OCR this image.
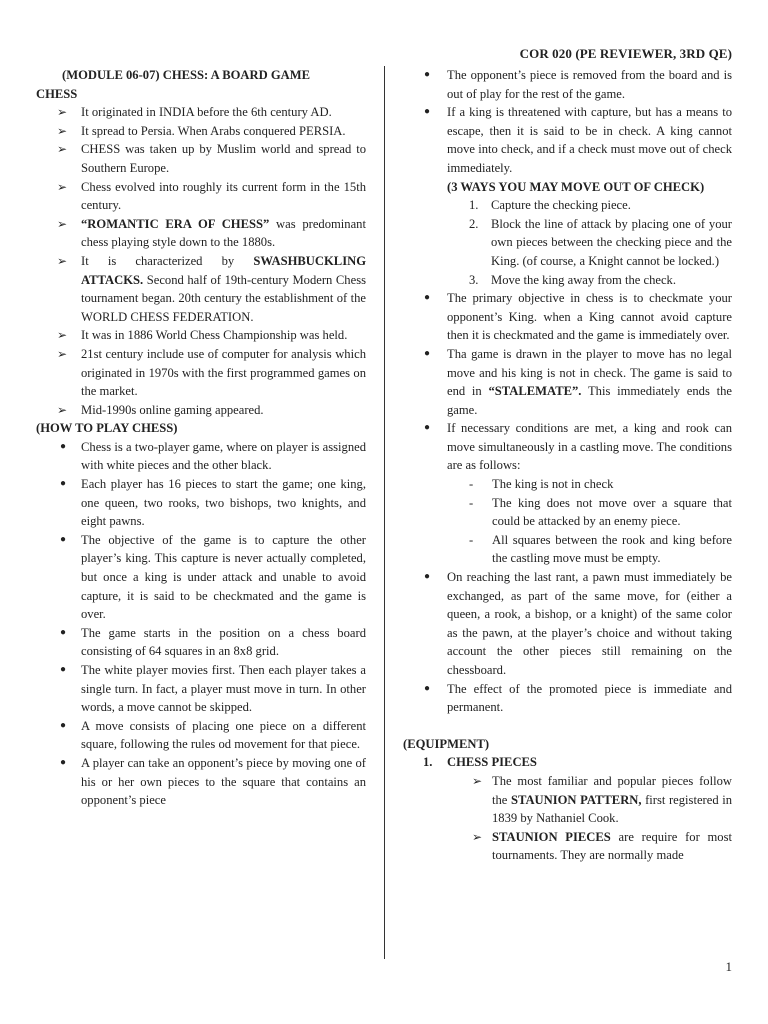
COR 020 (PE REVIEWER, 3RD QE)
(MODULE 06-07) CHESS: A BOARD GAME
CHESS
➢ It originated in INDIA before the 6th century AD.
➢ It spread to Persia. When Arabs conquered PERSIA.
➢ CHESS was taken up by Muslim world and spread to Southern Europe.
➢ Chess evolved into roughly its current form in the 15th century.
➢ “ROMANTIC ERA OF CHESS” was predominant chess playing style down to the 1880s.
➢ It is characterized by SWASHBUCKLING ATTACKS. Second half of 19th-century Modern Chess tournament began. 20th century the establishment of the WORLD CHESS FEDERATION.
➢ It was in 1886 World Chess Championship was held.
➢ 21st century include use of computer for analysis which originated in 1970s with the first programmed games on the market.
➢ Mid-1990s online gaming appeared.
(HOW TO PLAY CHESS)
● Chess is a two-player game, where on player is assigned with white pieces and the other black.
● Each player has 16 pieces to start the game; one king, one queen, two rooks, two bishops, two knights, and eight pawns.
● The objective of the game is to capture the other player’s king. This capture is never actually completed, but once a king is under attack and unable to avoid capture, it is said to be checkmated and the game is over.
● The game starts in the position on a chess board consisting of 64 squares in an 8x8 grid.
● The white player movies first. Then each player takes a single turn. In fact, a player must move in turn. In other words, a move cannot be skipped.
● A move consists of placing one piece on a different square, following the rules od movement for that piece.
● A player can take an opponent’s piece by moving one of his or her own pieces to the square that contains an opponent’s piece
● The opponent’s piece is removed from the board and is out of play for the rest of the game.
● If a king is threatened with capture, but has a means to escape, then it is said to be in check. A king cannot move into check, and if a check must move out of check immediately.
(3 WAYS YOU MAY MOVE OUT OF CHECK)
1. Capture the checking piece.
2. Block the line of attack by placing one of your own pieces between the checking piece and the King. (of course, a Knight cannot be locked.)
3. Move the king away from the check.
● The primary objective in chess is to checkmate your opponent’s King. when a King cannot avoid capture then it is checkmated and the game is immediately over.
● Tha game is drawn in the player to move has no legal move and his king is not in check. The game is said to end in “STALEMATE”. This immediately ends the game.
● If necessary conditions are met, a king and rook can move simultaneously in a castling move. The conditions are as follows:
- The king is not in check
- The king does not move over a square that could be attacked by an enemy piece.
- All squares between the rook and king before the castling move must be empty.
● On reaching the last rant, a pawn must immediately be exchanged, as part of the same move, for (either a queen, a rook, a bishop, or a knight) of the same color as the pawn, at the player’s choice and without taking account the other pieces still remaining on the chessboard.
● The effect of the promoted piece is immediate and permanent.
(EQUIPMENT)
1. CHESS PIECES
➢ The most familiar and popular pieces follow the STAUNION PATTERN, first registered in 1839 by Nathaniel Cook.
➢ STAUNION PIECES are require for most tournaments. They are normally made
1
